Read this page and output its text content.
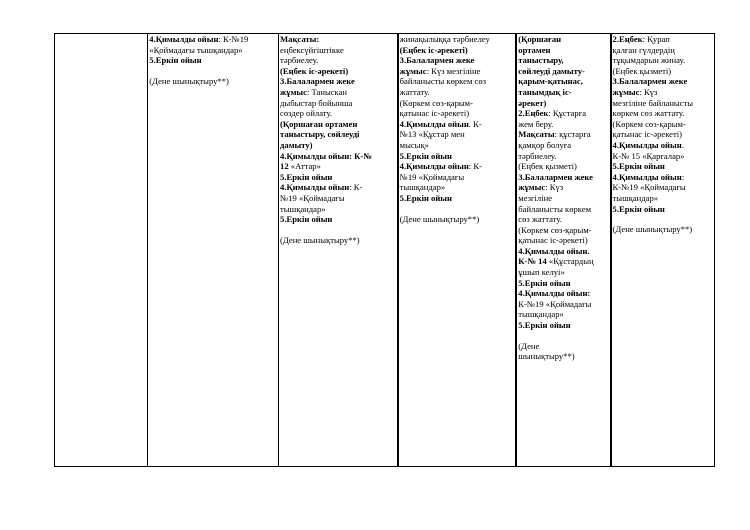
4.Қимылды ойын: К-№19
«Қоймадағы тышқандар»
5.Еркін ойын
(Дене шынықтыру**)

Мақсаты:
еңбексүйгіштікке
тәрбиелеу.
(Еңбек іс-әрекеті)
3.Балалармен жеке
жұмыс: Таныскан
дыбыстар бойынша
сөздер ойлату.
(Қоршаған ортамен
таныстыру, сөйлеуді
дамыту)
4.Қимылды ойын: К-№
12 «Аттар»
5.Еркін ойын
4.Қимылды ойын: К-
№19 «Қоймадағы
тышқандар»
5.Еркін ойын
(Дене шынықтыру**)

жинақылыққа тәрбиелеу
(Еңбек іс-әрекеті)
3.Балалармен жеке
жұмыс: Күз мезгіліне
байланысты көркем сөз
жаттату.
(Көркем сөз-қарым-
қатынас іс-әрекеті)
4.Қимылды ойын. К-
№13 «Құстар мен
мысық»
5.Еркін ойын
4.Қимылды ойын: К-
№19 «Қоймадағы
тышқандар»
5.Еркін ойын
(Дене шынықтыру**)

(Қоршаған
ортамен
таныстыру,
сөйлеуді дамыту-
қарым-қатынас,
танымдық іс-
әрекет)
2.Еңбек: Құстарға
жем беру.
Мақсаты: құстарға
қамқор болуға
тәрбиелеу.
(Еңбек қызметі)
3.Балалармен жеке
жұмыс: Күз
мезгіліне
байланысты көркем
сөз жаттату.
(Көркем сөз-қарым-
қатынас іс-әрекеті)
4.Қимылды ойын.
К-№ 14 «Құстардың
ұшып келуі»
5.Еркін ойын
4.Қимылды ойын:
К-№19 «Қоймадағы
тышқандар»
5.Еркін ойын
(Дене
шынықтыру**)

2.Еңбек: Қурап
қалған гүлдердің
тұқымдарын жинау.
(Еңбек қызметі)
3.Балалармен жеке
жұмыс: Күз
мезгіліне байланысты
көркем сөз жаттату.
(Көркем сөз-қарым-
қатынас іс-әрекеті)
4.Қимылды ойын.
К-№ 15 «Қарғалар»
5.Еркін ойын
4.Қимылды ойын:
К-№19 «Қоймадағы
тышқандар»
5.Еркін ойын
(Дене шынықтыру**)
